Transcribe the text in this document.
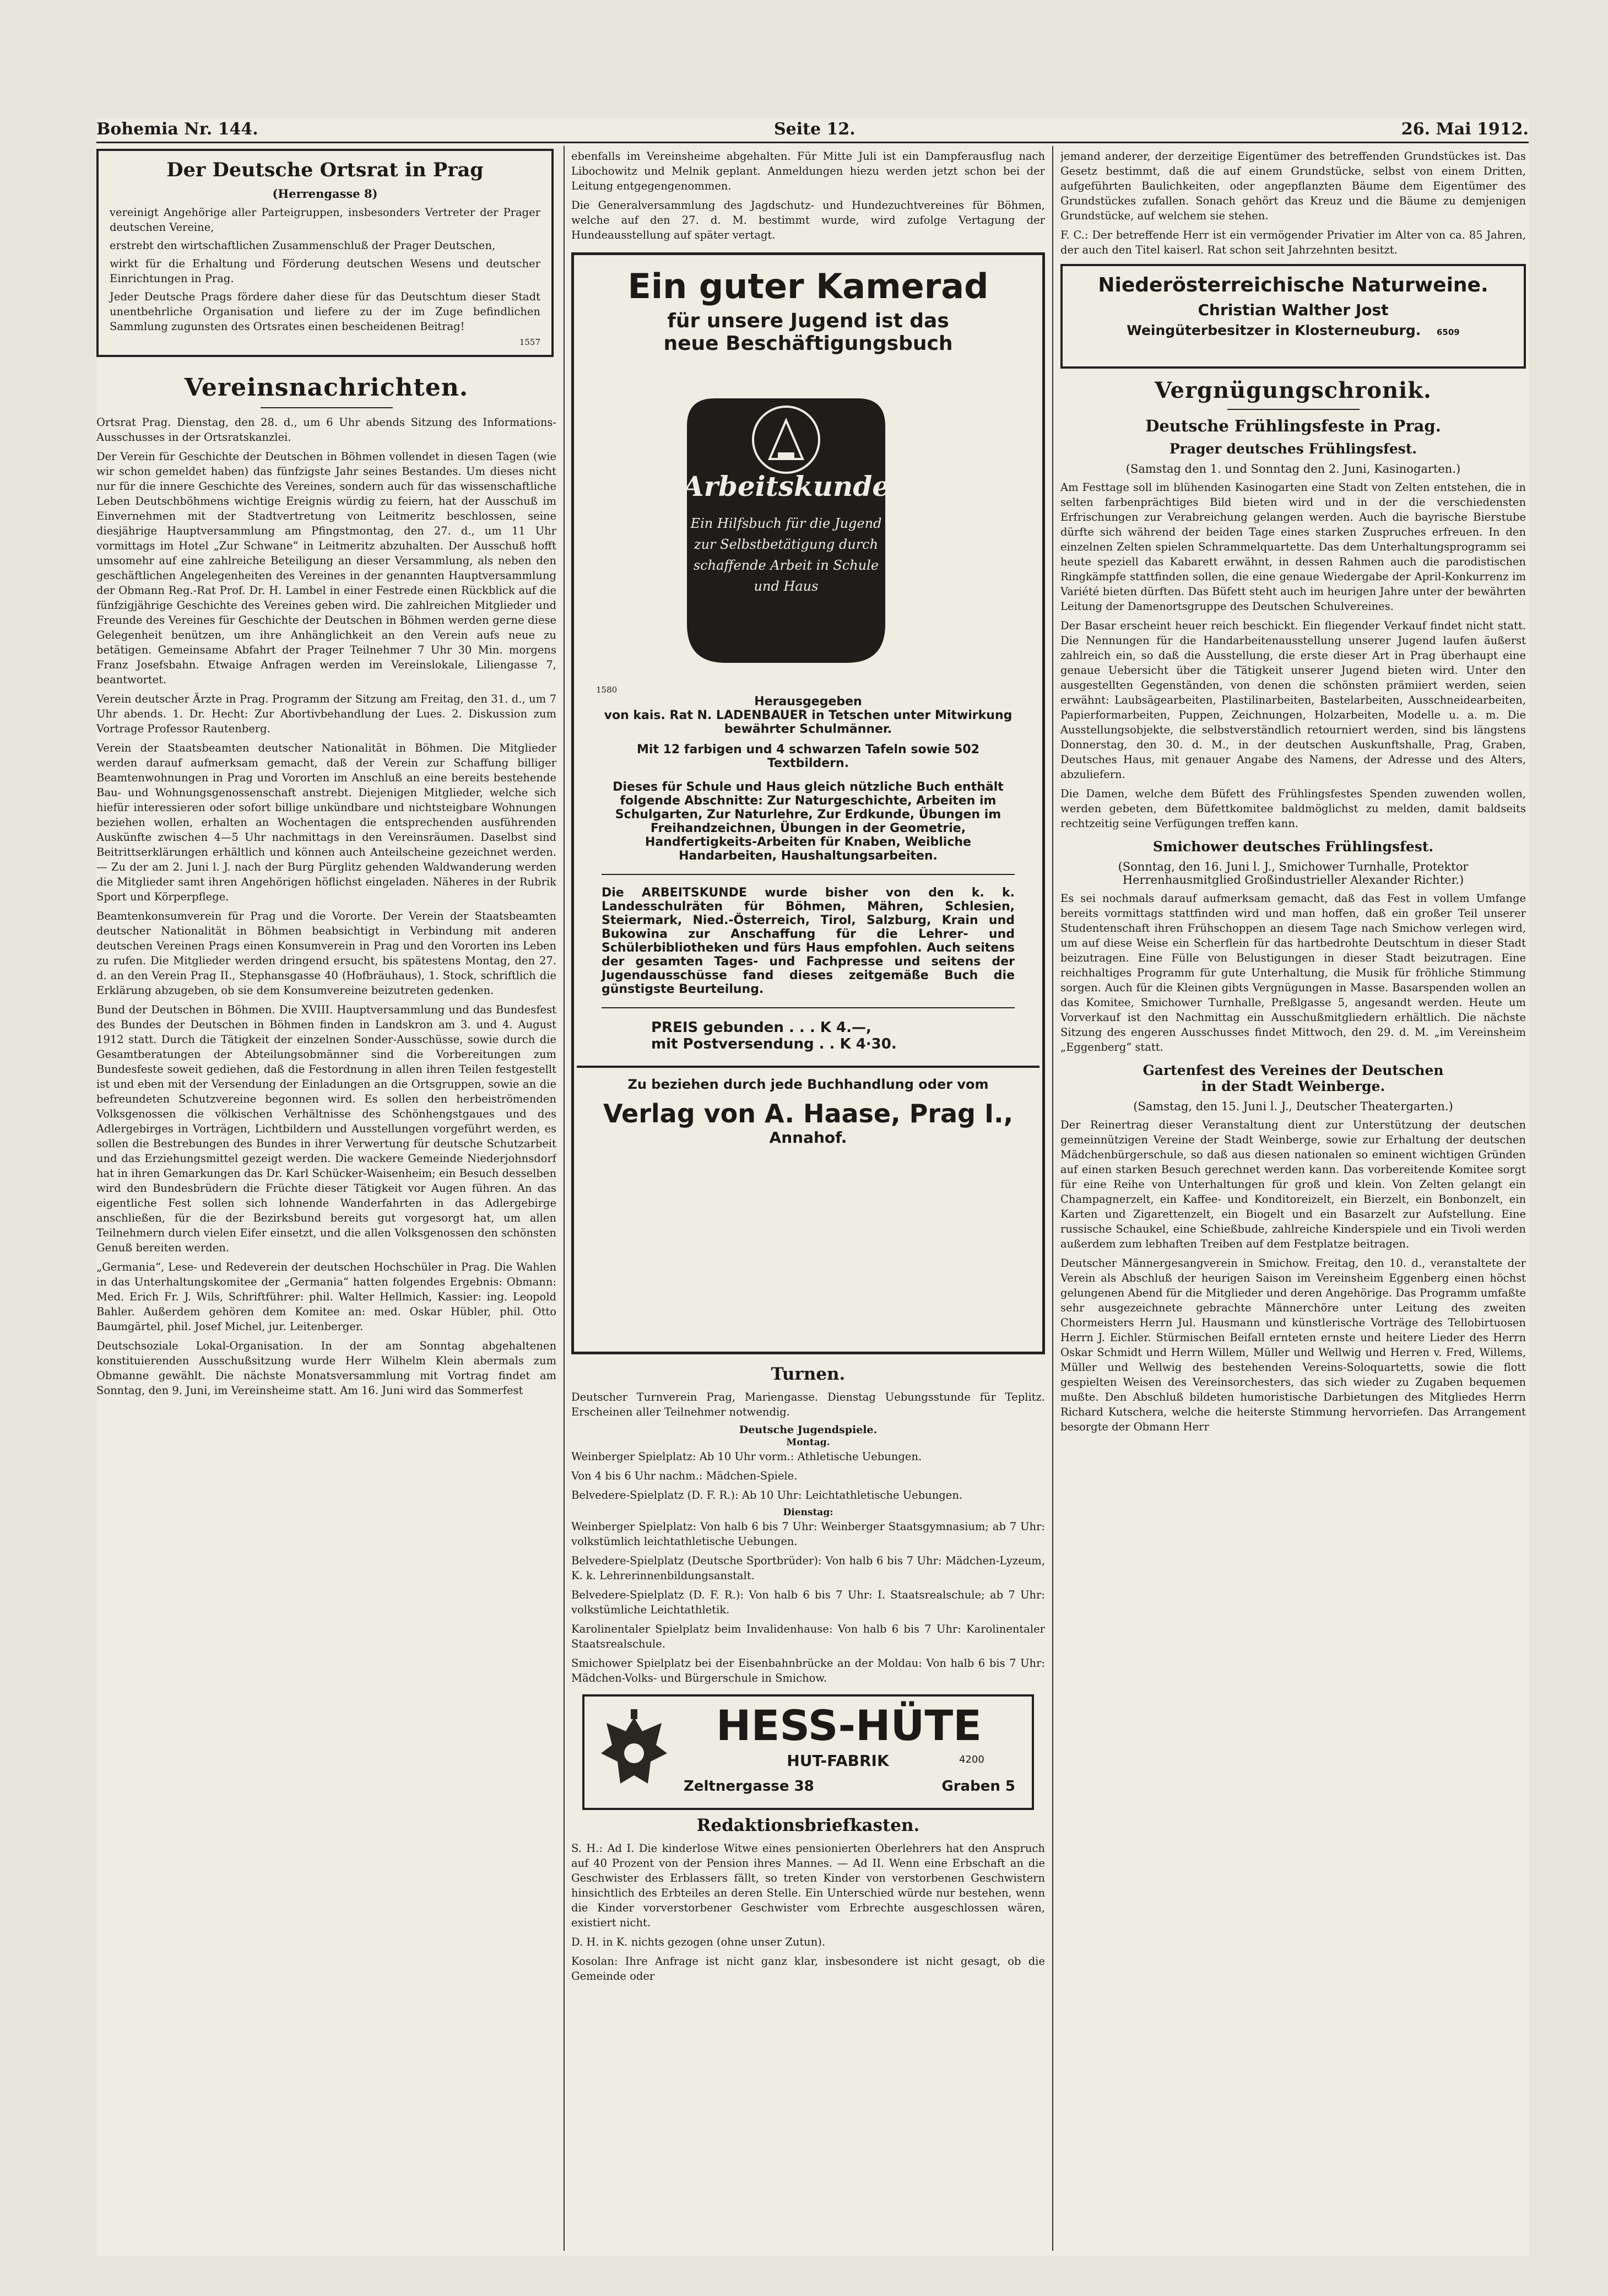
Bohemia Nr. 144.	Seite 12.	26. Mai 1912.
Der Deutsche Ortsrat in Prag
(Herrengasse 8)

vereinigt Angehörige aller Parteigruppen, insbesonders Vertreter der Prager deutschen Vereine,

erstrebt den wirtschaftlichen Zusammenschluß der Prager Deutschen,

wirkt für die Erhaltung und Förderung deutschen Wesens und deutscher Einrichtungen in Prag.

Jeder Deutsche Prags fördere daher diese für das Deutschtum dieser Stadt unentbehrliche Organisation und liefere zu der im Zuge befindlichen Sammlung zugunsten des Ortsrates einen bescheidenen Beitrag!

1557
Vereinsnachrichten.

Ortsrat Prag. Dienstag, den 28. d., um 6 Uhr abends Sitzung des Informations-Ausschusses in der Ortsratskanzlei.

Der Verein für Geschichte der Deutschen in Böhmen vollendet in diesen Tagen (wie wir schon gemeldet haben) das fünfzigste Jahr seines Bestandes. Um dieses nicht nur für die innere Geschichte des Vereines, sondern auch für das wissenschaftliche Leben Deutschböhmens wichtige Ereignis würdig zu feiern, hat der Ausschuß im Einvernehmen mit der Stadtvertretung von Leitmeritz beschlossen, seine diesjährige Hauptversammlung am Pfingstmontag, den 27. d., um 11 Uhr vormittags im Hotel „Zur Schwane“ in Leitmeritz abzuhalten. Der Ausschuß hofft umsomehr auf eine zahlreiche Beteiligung an dieser Versammlung, als neben den geschäftlichen Angelegenheiten des Vereines in der genannten Hauptversammlung der Obmann Reg.-Rat Prof. Dr. H. Lambel in einer Festrede einen Rückblick auf die fünfzigjährige Geschichte des Vereines geben wird. Die zahlreichen Mitglieder und Freunde des Vereines für Geschichte der Deutschen in Böhmen werden gerne diese Gelegenheit benützen, um ihre Anhänglichkeit an den Verein aufs neue zu betätigen. Gemeinsame Abfahrt der Prager Teilnehmer 7 Uhr 30 Min. morgens Franz Josefsbahn. Etwaige Anfragen werden im Vereinslokale, Liliengasse 7, beantwortet.

Verein deutscher Ärzte in Prag. Programm der Sitzung am Freitag, den 31. d., um 7 Uhr abends. 1. Dr. Hecht: Zur Abortivbehandlung der Lues. 2. Diskussion zum Vortrage Professor Rautenberg.

Verein der Staatsbeamten deutscher Nationalität in Böhmen. Die Mitglieder werden darauf aufmerksam gemacht, daß der Verein zur Schaffung billiger Beamtenwohnungen in Prag und Vororten im Anschluß an eine bereits bestehende Bau- und Wohnungsgenossenschaft anstrebt. Diejenigen Mitglieder, welche sich hiefür interessieren oder sofort billige unkündbare und nichtsteigbare Wohnungen beziehen wollen, erhalten an Wochentagen die entsprechenden ausführenden Auskünfte zwischen 4—5 Uhr nachmittags in den Vereinsräumen. Daselbst sind Beitrittserklärungen erhältlich und können auch Anteilscheine gezeichnet werden. — Zu der am 2. Juni l. J. nach der Burg Pürglitz gehenden Waldwanderung werden die Mitglieder samt ihren Angehörigen höflichst eingeladen. Näheres in der Rubrik Sport und Körperpflege.

Beamtenkonsumverein für Prag und die Vororte. Der Verein der Staatsbeamten deutscher Nationalität in Böhmen beabsichtigt in Verbindung mit anderen deutschen Vereinen Prags einen Konsumverein in Prag und den Vororten ins Leben zu rufen. Die Mitglieder werden dringend ersucht, bis spätestens Montag, den 27. d. an den Verein Prag II., Stephansgasse 40 (Hofbräuhaus), 1. Stock, schriftlich die Erklärung abzugeben, ob sie dem Konsumvereine beizutreten gedenken.

Bund der Deutschen in Böhmen. Die XVIII. Hauptversammlung und das Bundesfest des Bundes der Deutschen in Böhmen finden in Landskron am 3. und 4. August 1912 statt. Durch die Tätigkeit der einzelnen Sonder-Ausschüsse, sowie durch die Gesamtberatungen der Abteilungsobmänner sind die Vorbereitungen zum Bundesfeste soweit gediehen, daß die Festordnung in allen ihren Teilen festgestellt ist und eben mit der Versendung der Einladungen an die Ortsgruppen, sowie an die befreundeten Schutzvereine begonnen wird. Es sollen den herbeiströmenden Volksgenossen die völkischen Verhältnisse des Schönhengstgaues und des Adlergebirges in Vorträgen, Lichtbildern und Ausstellungen vorgeführt werden, es sollen die Bestrebungen des Bundes in ihrer Verwertung für deutsche Schutzarbeit und das Erziehungsmittel gezeigt werden. Die wackere Gemeinde Niederjohnsdorf hat in ihren Gemarkungen das Dr. Karl Schücker-Waisenheim; ein Besuch desselben wird den Bundesbrüdern die Früchte dieser Tätigkeit vor Augen führen. An das eigentliche Fest sollen sich lohnende Wanderfahrten in das Adlergebirge anschließen, für die der Bezirksbund bereits gut vorgesorgt hat, um allen Teilnehmern durch vielen Eifer einsetzt, und die allen Volksgenossen den schönsten Genuß bereiten werden.

„Germania“, Lese- und Redeverein der deutschen Hochschüler in Prag. Die Wahlen in das Unterhaltungskomitee der „Germania“ hatten folgendes Ergebnis: Obmann: Med. Erich Fr. J. Wils, Schriftführer: phil. Walter Hellmich, Kassier: ing. Leopold Bahler. Außerdem gehören dem Komitee an: med. Oskar Hübler, phil. Otto Baumgärtel, phil. Josef Michel, jur. Leitenberger.

Deutschsoziale Lokal-Organisation. In der am Sonntag abgehaltenen konstituierenden Ausschußsitzung wurde Herr Wilhelm Klein abermals zum Obmanne gewählt. Die nächste Monatsversammlung mit Vortrag findet am Sonntag, den 9. Juni, im Vereinsheime statt. Am 16. Juni wird das Sommerfest

ebenfalls im Vereinsheime abgehalten. Für Mitte Juli ist ein Dampferausflug nach Libochowitz und Melnik geplant. Anmeldungen hiezu werden jetzt schon bei der Leitung entgegengenommen.

Die Generalversammlung des Jagdschutz- und Hundezuchtvereines für Böhmen, welche auf den 27. d. M. bestimmt wurde, wird zufolge Vertagung der Hundeausstellung auf später vertagt.

Ein guter Kamerad
für unsere Jugend ist das
neue Beschäftigungsbuch
Arbeitskunde
Ein Hilfsbuch für die Jugend
zur Selbstbetätigung durch
schaffende Arbeit in Schule
und Haus
1580
Herausgegeben
von kais. Rat N. LADENBAUER in Tetschen unter Mitwirkung bewährter Schulmänner.
Mit 12 farbigen und 4 schwarzen Tafeln sowie 502 Textbildern.
Dieses für Schule und Haus gleich nützliche Buch enthält folgende Abschnitte: Zur Naturgeschichte, Arbeiten im Schulgarten, Zur Naturlehre, Zur Erdkunde, Übungen im Freihandzeichnen, Übungen in der Geometrie, Handfertigkeits-Arbeiten für Knaben, Weibliche Handarbeiten, Haushaltungsarbeiten.
Die ARBEITSKUNDE wurde bisher von den k. k. Landesschulräten für Böhmen, Mähren, Schlesien, Steiermark, Nied.-Österreich, Tirol, Salzburg, Krain und Bukowina zur Anschaffung für die Lehrer- und Schülerbibliotheken und fürs Haus empfohlen. Auch seitens der gesamten Tages- und Fachpresse und seitens der Jugendausschüsse fand dieses zeitgemäße Buch die günstigste Beurteilung.
PREIS gebunden . . . K 4.—,
mit Postversendung . . K 4·30.
Zu beziehen durch jede Buchhandlung oder vom
Verlag von A. Haase, Prag I.,
Annahof.
Turnen.

Deutscher Turnverein Prag, Mariengasse. Dienstag Uebungsstunde für Teplitz. Erscheinen aller Teilnehmer notwendig.

Deutsche Jugendspiele.
Montag.

Weinberger Spielplatz: Ab 10 Uhr vorm.: Athletische Uebungen.

Von 4 bis 6 Uhr nachm.: Mädchen-Spiele.

Belvedere-Spielplatz (D. F. R.): Ab 10 Uhr: Leichtathletische Uebungen.

Dienstag:

Weinberger Spielplatz: Von halb 6 bis 7 Uhr: Weinberger Staatsgymnasium; ab 7 Uhr: volkstümlich leichtathletische Uebungen.

Belvedere-Spielplatz (Deutsche Sportbrüder): Von halb 6 bis 7 Uhr: Mädchen-Lyzeum, K. k. Lehrerinnenbildungsanstalt.

Belvedere-Spielplatz (D. F. R.): Von halb 6 bis 7 Uhr: I. Staatsrealschule; ab 7 Uhr: volkstümliche Leichtathletik.

Karolinentaler Spielplatz beim Invalidenhause: Von halb 6 bis 7 Uhr: Karolinentaler Staatsrealschule.

Smichower Spielplatz bei der Eisenbahnbrücke an der Moldau: Von halb 6 bis 7 Uhr: Mädchen-Volks- und Bürgerschule in Smichow.

HESS-HÜTE
HUT-FABRIK	4200
Zeltnergasse 38	Graben 5
Redaktionsbriefkasten.

S. H.: Ad I. Die kinderlose Witwe eines pensionierten Oberlehrers hat den Anspruch auf 40 Prozent von der Pension ihres Mannes. — Ad II. Wenn eine Erbschaft an die Geschwister des Erblassers fällt, so treten Kinder von verstorbenen Geschwistern hinsichtlich des Erbteiles an deren Stelle. Ein Unterschied würde nur bestehen, wenn die Kinder vorverstorbener Geschwister vom Erbrechte ausgeschlossen wären, existiert nicht.

D. H. in K. nichts gezogen (ohne unser Zutun).

Kosolan: Ihre Anfrage ist nicht ganz klar, insbesondere ist nicht gesagt, ob die Gemeinde oder

jemand anderer, der derzeitige Eigentümer des betreffenden Grundstückes ist. Das Gesetz bestimmt, daß die auf einem Grundstücke, selbst von einem Dritten, aufgeführten Baulichkeiten, oder angepflanzten Bäume dem Eigentümer des Grundstückes zufallen. Sonach gehört das Kreuz und die Bäume zu demjenigen Grundstücke, auf welchem sie stehen.

F. C.: Der betreffende Herr ist ein vermögender Privatier im Alter von ca. 85 Jahren, der auch den Titel kaiserl. Rat schon seit Jahrzehnten besitzt.

Niederösterreichische Naturweine.
Christian Walther Jost
Weingüterbesitzer in Klosterneuburg. 6509
Vergnügungschronik.
Deutsche Frühlingsfeste in Prag.
Prager deutsches Frühlingsfest.
(Samstag den 1. und Sonntag den 2. Juni, Kasinogarten.)

Am Festtage soll im blühenden Kasinogarten eine Stadt von Zelten entstehen, die in selten farbenprächtiges Bild bieten wird und in der die verschiedensten Erfrischungen zur Verabreichung gelangen werden. Auch die bayrische Bierstube dürfte sich während der beiden Tage eines starken Zuspruches erfreuen. In den einzelnen Zelten spielen Schrammelquartette. Das dem Unterhaltungsprogramm sei heute speziell das Kabarett erwähnt, in dessen Rahmen auch die parodistischen Ringkämpfe stattfinden sollen, die eine genaue Wiedergabe der April-Konkurrenz im Variété bieten dürften. Das Büfett steht auch im heurigen Jahre unter der bewährten Leitung der Damenortsgruppe des Deutschen Schulvereines.

Der Basar erscheint heuer reich beschickt. Ein fliegender Verkauf findet nicht statt. Die Nennungen für die Handarbeitenausstellung unserer Jugend laufen äußerst zahlreich ein, so daß die Ausstellung, die erste dieser Art in Prag überhaupt eine genaue Uebersicht über die Tätigkeit unserer Jugend bieten wird. Unter den ausgestellten Gegenständen, von denen die schönsten prämiiert werden, seien erwähnt: Laubsägearbeiten, Plastilinarbeiten, Bastelarbeiten, Ausschneidearbeiten, Papierformarbeiten, Puppen, Zeichnungen, Holzarbeiten, Modelle u. a. m. Die Ausstellungsobjekte, die selbstverständlich retourniert werden, sind bis längstens Donnerstag, den 30. d. M., in der deutschen Auskunftshalle, Prag, Graben, Deutsches Haus, mit genauer Angabe des Namens, der Adresse und des Alters, abzuliefern.

Die Damen, welche dem Büfett des Frühlingsfestes Spenden zuwenden wollen, werden gebeten, dem Büfettkomitee baldmöglichst zu melden, damit baldseits rechtzeitig seine Verfügungen treffen kann.

Smichower deutsches Frühlingsfest.
(Sonntag, den 16. Juni l. J., Smichower Turnhalle, Protektor Herrenhausmitglied Großindustrieller Alexander Richter.)

Es sei nochmals darauf aufmerksam gemacht, daß das Fest in vollem Umfange bereits vormittags stattfinden wird und man hoffen, daß ein großer Teil unserer Studentenschaft ihren Frühschoppen an diesem Tage nach Smichow verlegen wird, um auf diese Weise ein Scherflein für das hartbedrohte Deutschtum in dieser Stadt beizutragen. Eine Fülle von Belustigungen in dieser Stadt beizutragen. Eine reichhaltiges Programm für gute Unterhaltung, die Musik für fröhliche Stimmung sorgen. Auch für die Kleinen gibts Vergnügungen in Masse. Basarspenden wollen an das Komitee, Smichower Turnhalle, Preßlgasse 5, angesandt werden. Heute um Vorverkauf ist den Nachmittag ein Ausschußmitgliedern erhältlich. Die nächste Sitzung des engeren Ausschusses findet Mittwoch, den 29. d. M. „im Vereinsheim „Eggenberg“ statt.

Gartenfest des Vereines der Deutschen
in der Stadt Weinberge.
(Samstag, den 15. Juni l. J., Deutscher Theatergarten.)

Der Reinertrag dieser Veranstaltung dient zur Unterstützung der deutschen gemeinnützigen Vereine der Stadt Weinberge, sowie zur Erhaltung der deutschen Mädchenbürgerschule, so daß aus diesen nationalen so eminent wichtigen Gründen auf einen starken Besuch gerechnet werden kann. Das vorbereitende Komitee sorgt für eine Reihe von Unterhaltungen für groß und klein. Von Zelten gelangt ein Champagnerzelt, ein Kaffee- und Konditoreizelt, ein Bierzelt, ein Bonbonzelt, ein Karten und Zigarettenzelt, ein Biogelt und ein Basarzelt zur Aufstellung. Eine russische Schaukel, eine Schießbude, zahlreiche Kinderspiele und ein Tivoli werden außerdem zum lebhaften Treiben auf dem Festplatze beitragen.

Deutscher Männergesangverein in Smichow. Freitag, den 10. d., veranstaltete der Verein als Abschluß der heurigen Saison im Vereinsheim Eggenberg einen höchst gelungenen Abend für die Mitglieder und deren Angehörige. Das Programm umfaßte sehr ausgezeichnete gebrachte Männerchöre unter Leitung des zweiten Chormeisters Herrn Jul. Hausmann und künstlerische Vorträge des Tellobirtuosen Herrn J. Eichler. Stürmischen Beifall ernteten ernste und heitere Lieder des Herrn Oskar Schmidt und Herrn Willem, Müller und Wellwig und Herren v. Fred, Willems, Müller und Wellwig des bestehenden Vereins-Soloquartetts, sowie die flott gespielten Weisen des Vereinsorchesters, das sich wieder zu Zugaben bequemen mußte. Den Abschluß bildeten humoristische Darbietungen des Mitgliedes Herrn Richard Kutschera, welche die heiterste Stimmung hervorriefen. Das Arrangement besorgte der Obmann Herr
